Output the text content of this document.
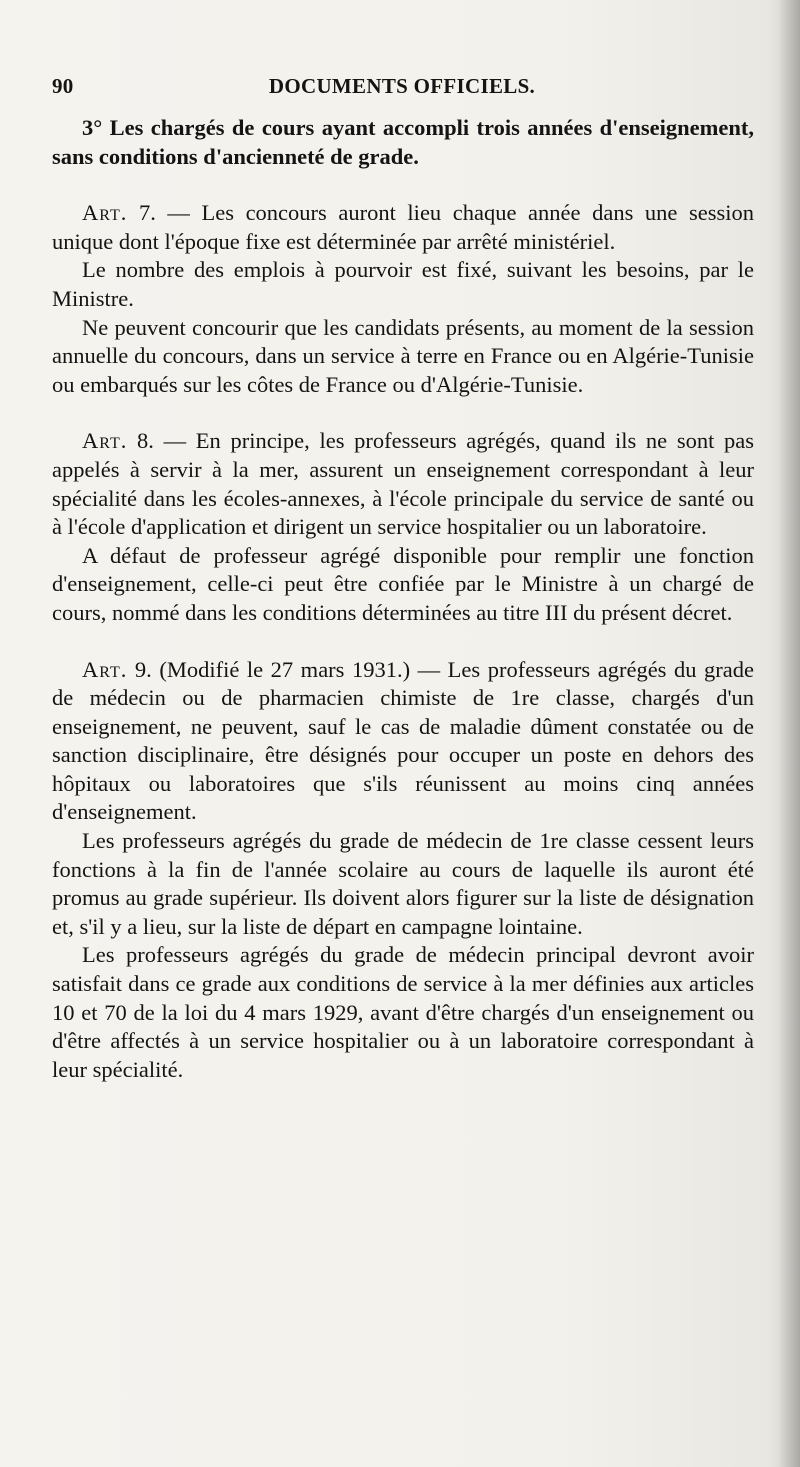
DOCUMENTS OFFICIELS.
90

3° Les chargés de cours ayant accompli trois années d'enseignement, sans conditions d'ancienneté de grade.

Art. 7. — Les concours auront lieu chaque année dans une session unique dont l'époque fixe est déterminée par arrêté ministériel.

Le nombre des emplois à pourvoir est fixé, suivant les besoins, par le Ministre.

Ne peuvent concourir que les candidats présents, au moment de la session annuelle du concours, dans un service à terre en France ou en Algérie-Tunisie ou embarqués sur les côtes de France ou d'Algérie-Tunisie.

Art. 8. — En principe, les professeurs agrégés, quand ils ne sont pas appelés à servir à la mer, assurent un enseignement correspondant à leur spécialité dans les écoles-annexes, à l'école principale du service de santé ou à l'école d'application et dirigent un service hospitalier ou un laboratoire.

A défaut de professeur agrégé disponible pour remplir une fonction d'enseignement, celle-ci peut être confiée par le Ministre à un chargé de cours, nommé dans les conditions déterminées au titre III du présent décret.

Art. 9. (Modifié le 27 mars 1931.) — Les professeurs agrégés du grade de médecin ou de pharmacien chimiste de 1re classe, chargés d'un enseignement, ne peuvent, sauf le cas de maladie dûment constatée ou de sanction disciplinaire, être désignés pour occuper un poste en dehors des hôpitaux ou laboratoires que s'ils réunissent au moins cinq années d'enseignement.

Les professeurs agrégés du grade de médecin de 1re classe cessent leurs fonctions à la fin de l'année scolaire au cours de laquelle ils auront été promus au grade supérieur. Ils doivent alors figurer sur la liste de désignation et, s'il y a lieu, sur la liste de départ en campagne lointaine.

Les professeurs agrégés du grade de médecin principal devront avoir satisfait dans ce grade aux conditions de service à la mer définies aux articles 10 et 70 de la loi du 4 mars 1929, avant d'être chargés d'un enseignement ou d'être affectés à un service hospitalier ou à un laboratoire correspondant à leur spécialité.
